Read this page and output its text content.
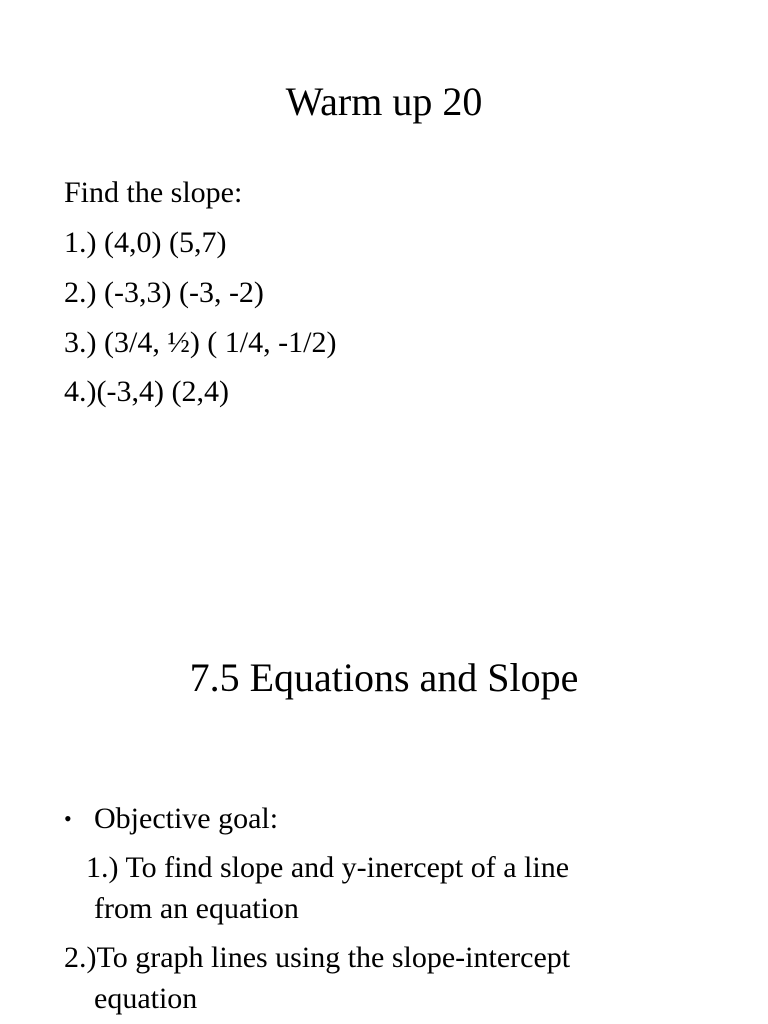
Warm up 20
Find the slope:
1.) (4,0) (5,7)
2.) (-3,3) (-3, -2)
3.) (3/4, ½) ( 1/4, -1/2)
4.)(-3,4) (2,4)
7.5 Equations and Slope
• Objective goal:
1.) To find slope and y-inercept of a line
from an equation
2.)To graph lines using the slope-intercept
equation
